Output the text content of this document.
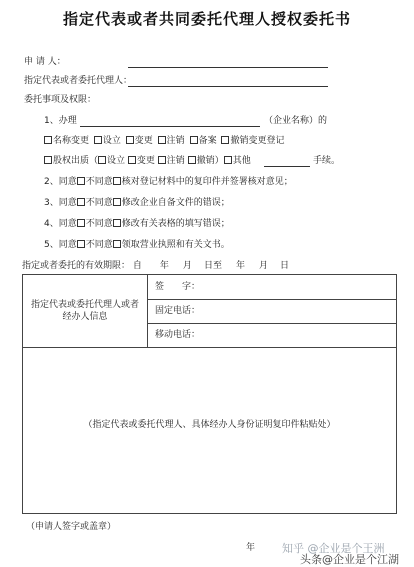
指定代表或者共同委托代理人授权委托书
申 请 人：
指定代表或者委托代理人：
委托事项及权限：
1、办理	（企业名称）的
名称变更 设立 变更 注销 备案 撤销变更登记
股权出质（ 设立 变更 注销 撤销） 其他	手续。
2、同意 不同意 核对登记材料中的复印件并签署核对意见；
3、同意 不同意 修改企业自备文件的错误；
4、同意 不同意 修改有关表格的填写错误；
5、同意 不同意 领取营业执照和有关文书。
指定或者委托的有效期限： 自 年 月 日至 年 月 日
指定代表或委托代理人或者
经办人信息
签　　字：
固定电话：
移动电话：
（指定代表或委托代理人、具体经办人身份证明复印件粘贴处）
（申请人签字或盖章）
年 知乎 @企业是个王洲
头条@企业是个江湖
